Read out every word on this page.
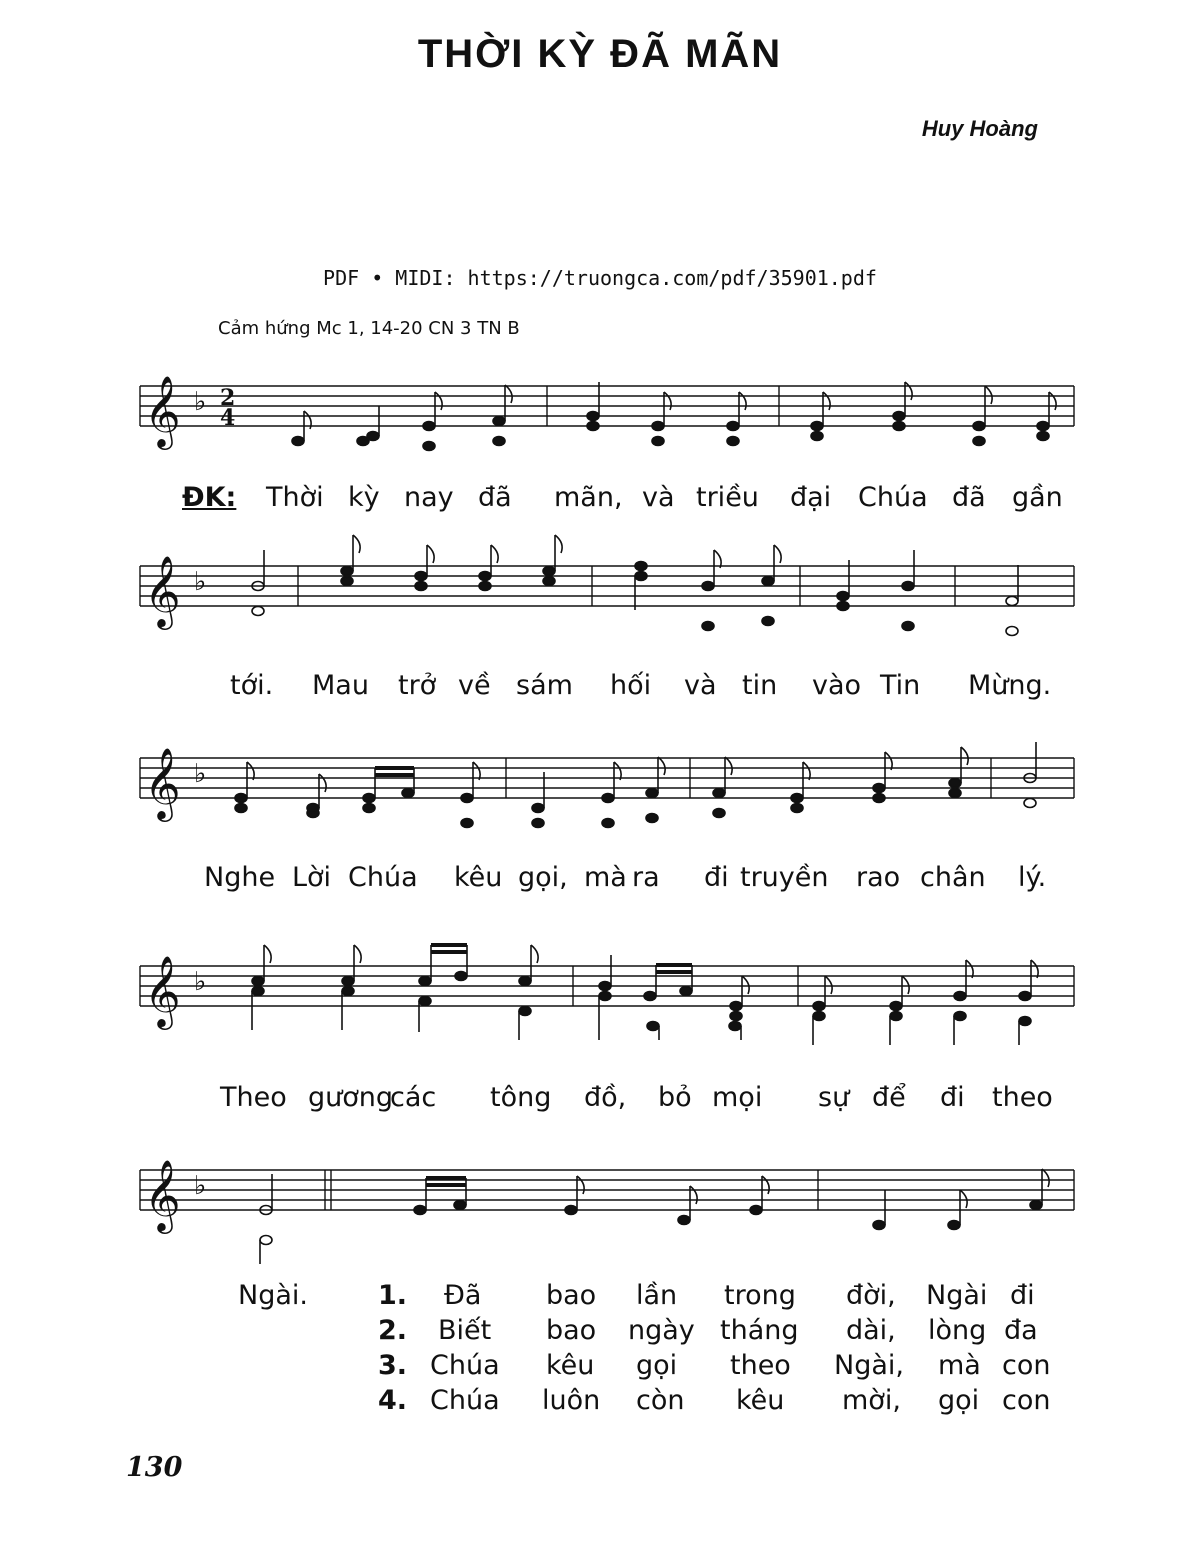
THỜI KỲ ĐÃ MÃN
Huy Hoàng
PDF • MIDI: https://truongca.com/pdf/35901.pdf
Cảm hứng Mc 1, 14-20 CN 3 TN B
𝄞 ♭ 2
4
ĐK: Thời kỳ nay đã mãn, và triều đại Chúa đã gần
𝄞 ♭
tới. Mau trở về sám hối và tin vào Tin Mừng.
𝄞 ♭
Nghe Lời Chúa kêu gọi, mà ra đi truyền rao chân lý.
𝄞 ♭
Theo gương
các tông đồ, bỏ mọi sự để đi theo
𝄞 ♭
Ngài.	1. Đã bao lần trong đời, Ngài đi
2. Biết bao ngày tháng dài, lòng đa
3. Chúa kêu gọi theo Ngài, mà con
4. Chúa luôn còn kêu mời, gọi con
130
